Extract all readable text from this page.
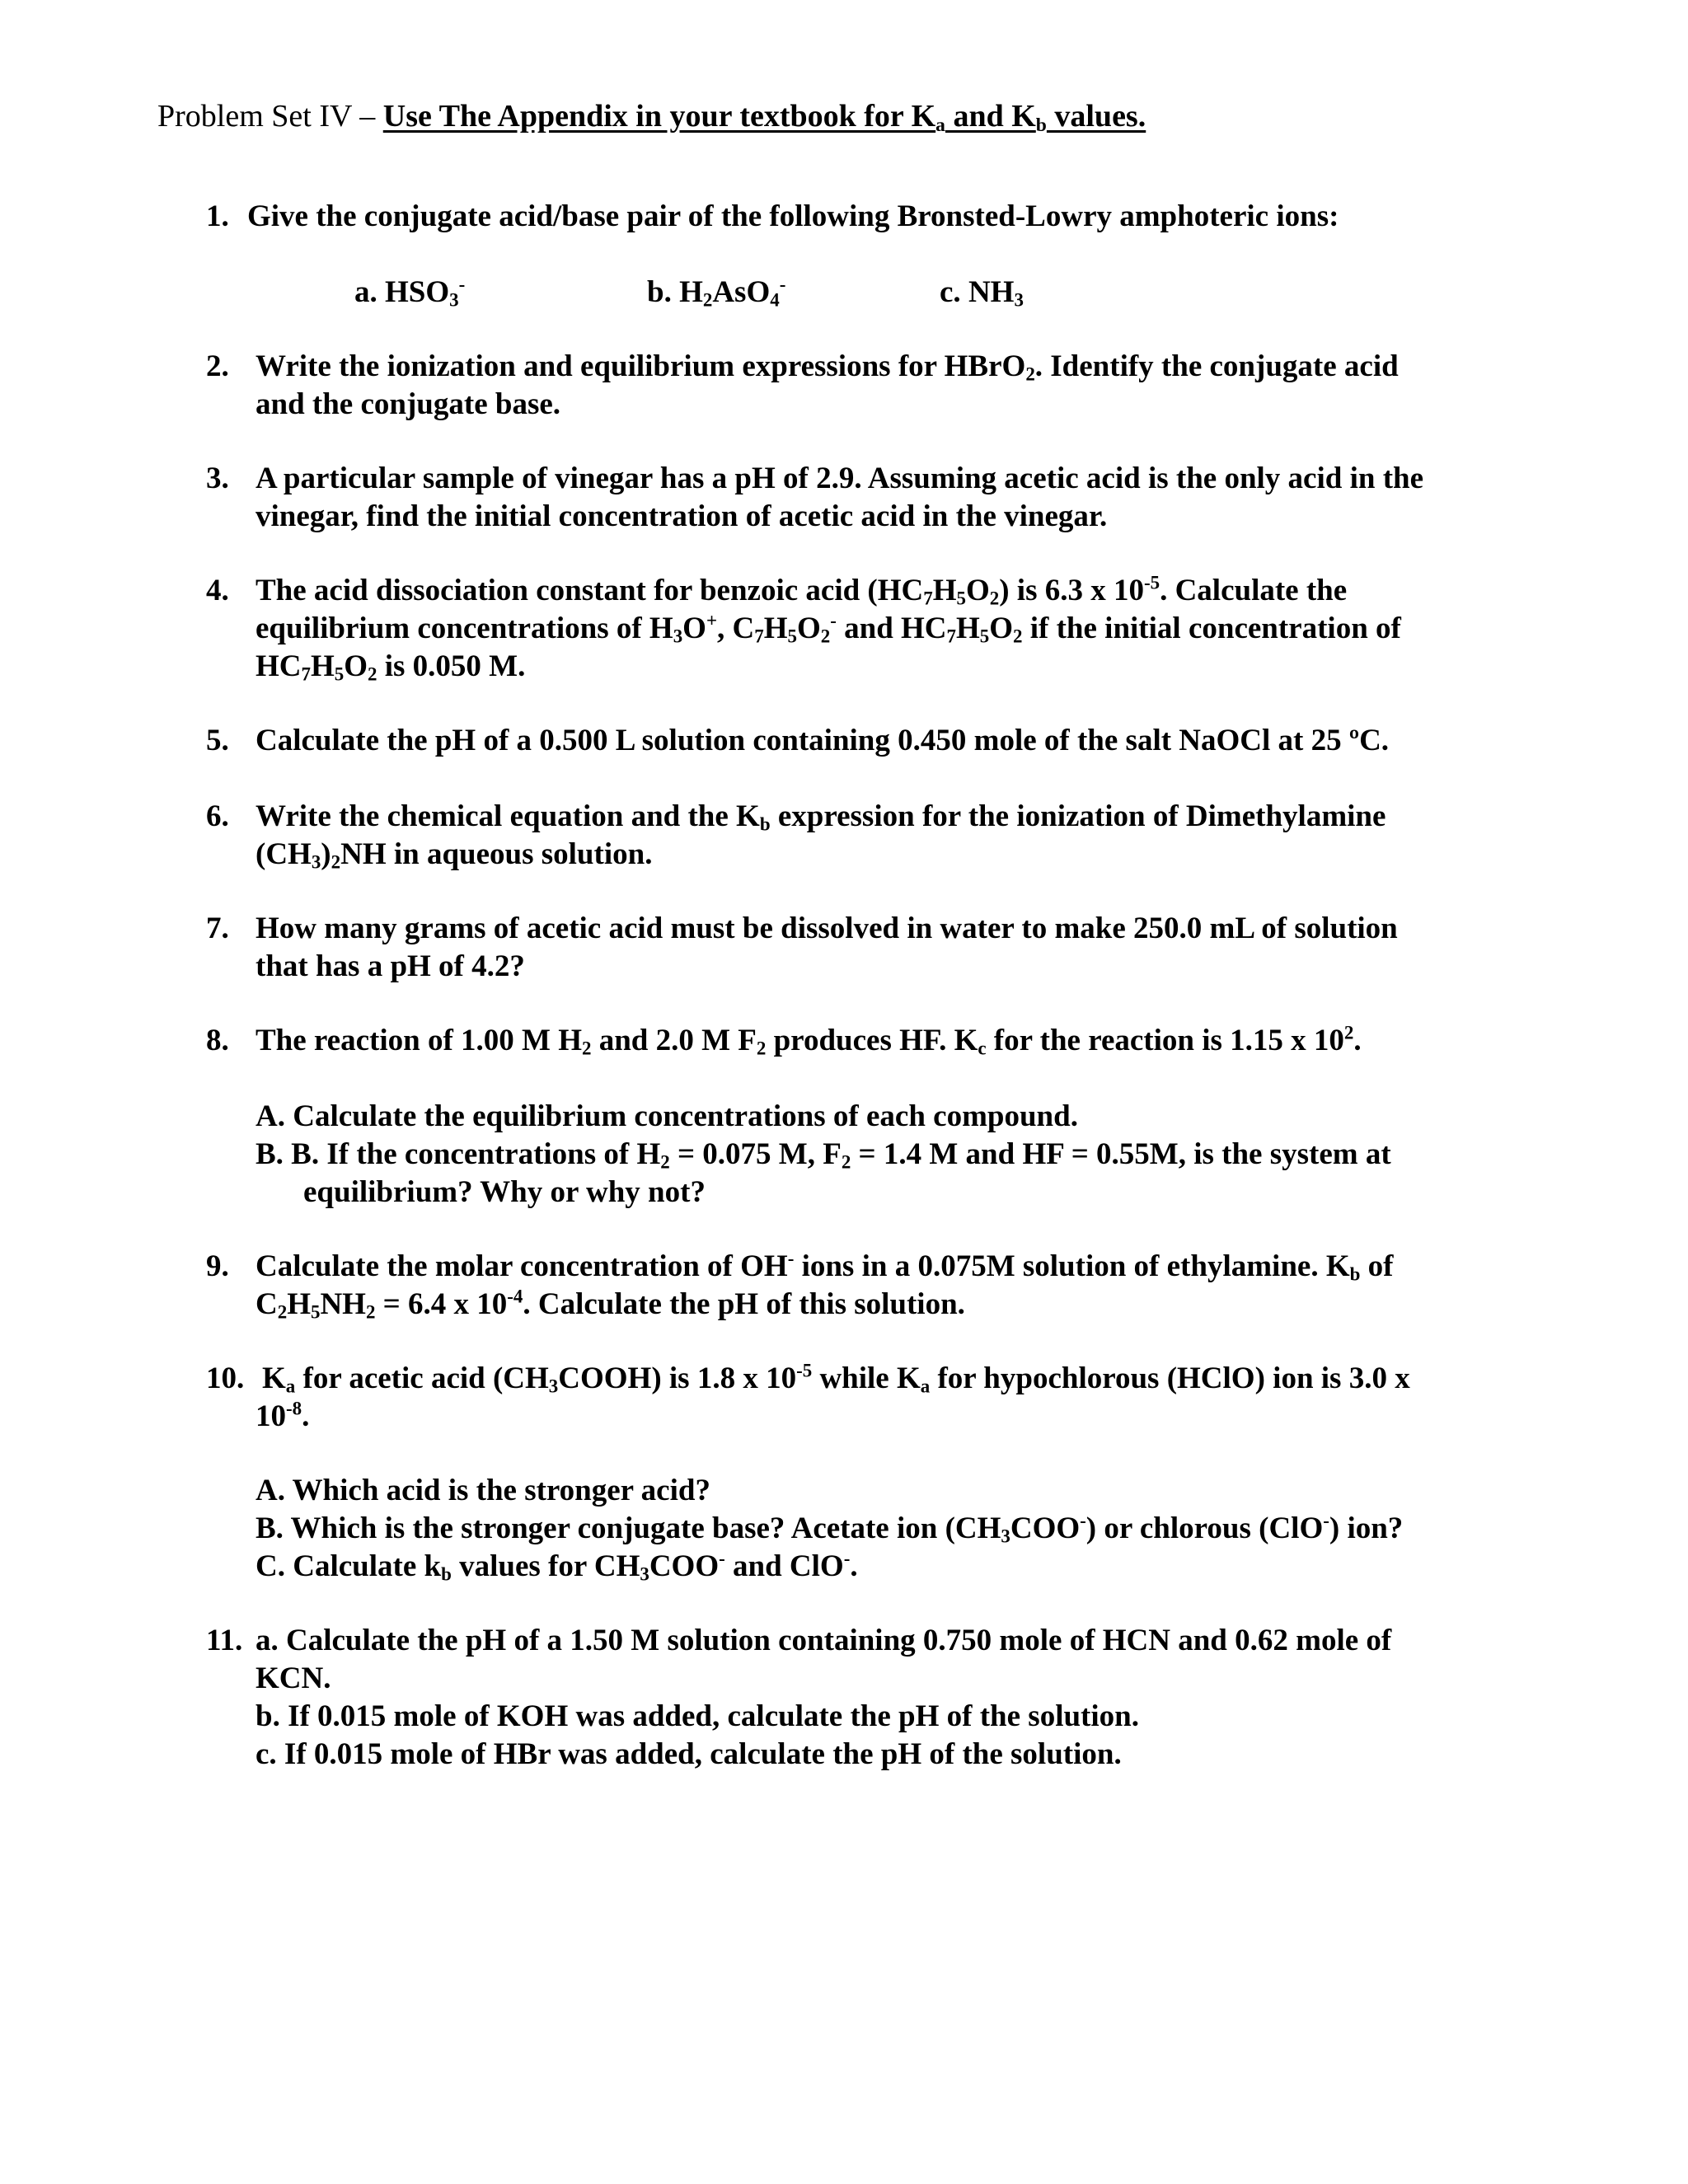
Problem Set IV – Use The Appendix in your textbook for $K_a$ and $K_b$ values.
1. Give the conjugate acid/base pair of the following Bronsted-Lowry amphoteric ions:
a. $HSO_3^-$	b. $H_2AsO_4^-$	c. $NH_3$
2. Write the ionization and equilibrium expressions for HBrO$_2$. Identify the conjugate acid
and the conjugate base.
3. A particular sample of vinegar has a pH of 2.9. Assuming acetic acid is the only acid in the
vinegar, find the initial concentration of acetic acid in the vinegar.
4. The acid dissociation constant for benzoic acid $(HC_7H_5O_2)$ is 6.3 x $10^{-5}$. Calculate the
equilibrium concentrations of $H_3O^+$, $C_7H_5O_2^-$ and $HC_7H_5O_2$ if the initial concentration of
$HC_7H_5O_2$ is 0.050 M.
5. Calculate the pH of a 0.500 L solution containing 0.450 mole of the salt NaOCl at 25 ºC.
6. Write the chemical equation and the $K_b$ expression for the ionization of Dimethylamine
$(CH_3)_2NH$ in aqueous solution.
7. How many grams of acetic acid must be dissolved in water to make 250.0 mL of solution
that has a pH of 4.2?
8. The reaction of 1.00 M $H_2$ and 2.0 M $F_2$ produces HF. $K_c$ for the reaction is 1.15 x $10^2$.
A. Calculate the equilibrium concentrations of each compound.
B. B. If the concentrations of $H_2 = 0.075$ M, $F_2 = 1.4$ M and HF = 0.55M, is the system at
equilibrium? Why or why not?
9. Calculate the molar concentration of OH- ions in a 0.075M solution of ethylamine. $K_b$ of
$C_2H_5NH_2 = 6.4$ x $10^{-4}$. Calculate the pH of this solution.
10. $K_a$ for acetic acid $(CH_3COOH)$ is 1.8 x $10^{-5}$ while $K_a$ for hypochlorous (HClO) ion is 3.0 x
$10^{-8}$.
A. Which acid is the stronger acid?
B. Which is the stronger conjugate base? Acetate ion $(CH_3COO^-)$ or chlorous (ClO-) ion?
C. Calculate $k_b$ values for $CH_3COO^-$ and ClO-.
11. a. Calculate the pH of a 1.50 M solution containing 0.750 mole of HCN and 0.62 mole of
KCN.
b. If 0.015 mole of KOH was added, calculate the pH of the solution.
c. If 0.015 mole of HBr was added, calculate the pH of the solution.
